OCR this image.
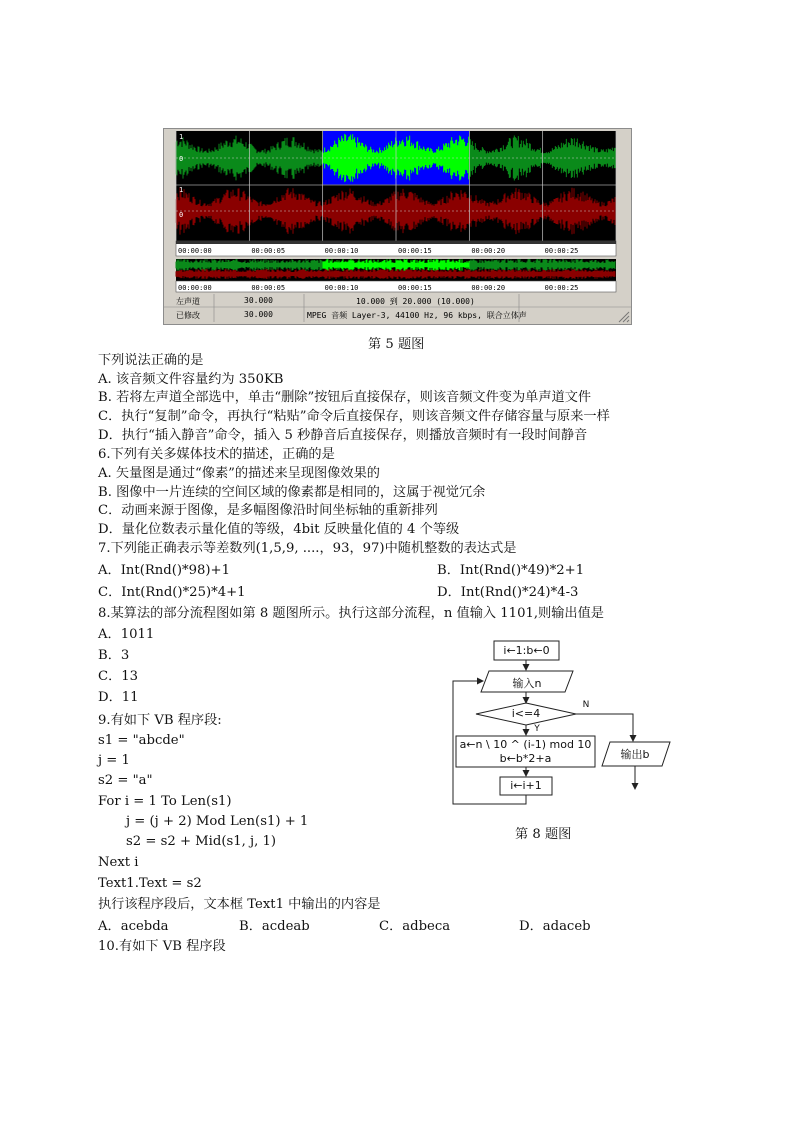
1
0
1
0
00:00:00
00:00:00
00:00:05
00:00:05
00:00:10
00:00:10
00:00:15
00:00:15
00:00:20
00:00:20
00:00:25
00:00:25
左声道	30.000	10.000 到 20.000 (10.000)
已修改	30.000	MPEG 音频 Layer-3, 44100 Hz, 96 kbps, 联合立体声
第 5 题图
下列说法正确的是
A. 该音频文件容量约为 350KB
B. 若将左声道全部选中，单击“删除”按钮后直接保存，则该音频文件变为单声道文件
C．执行“复制”命令，再执行“粘贴”命令后直接保存，则该音频文件存储容量与原来一样
D．执行“插入静音”命令，插入 5 秒静音后直接保存，则播放音频时有一段时间静音
6.下列有关多媒体技术的描述，正确的是
A. 矢量图是通过“像素”的描述来呈现图像效果的
B. 图像中一片连续的空间区域的像素都是相同的，这属于视觉冗余
C．动画来源于图像，是多幅图像沿时间坐标轴的重新排列
D．量化位数表示量化值的等级，4bit 反映量化值的 4 个等级
7.下列能正确表示等差数列(1,5,9, ....，93，97)中随机整数的表达式是
A．Int(Rnd()*98)+1	B．Int(Rnd()*49)*2+1
C．Int(Rnd()*25)*4+1	D．Int(Rnd()*24)*4-3
8.某算法的部分流程图如第 8 题图所示。执行这部分流程，n 值输入 1101,则输出值是
A．1011
B．3
C．13
D．11
i←1:b←0
输入n
i<=4
Y
N
a←n \ 10 ^ (i-1) mod 10
b←b*2+a
i←i+1
输出b
第 8 题图
9.有如下 VB 程序段:
s1 = "abcde"
j = 1
s2 = "a"
For i = 1 To Len(s1)
j = (j + 2) Mod Len(s1) + 1
s2 = s2 + Mid(s1, j, 1)
Next i
Text1.Text = s2
执行该程序段后，文本框 Text1 中输出的内容是
A．acebda	B．acdeab	C．adbeca	D．adaceb
10.有如下 VB 程序段
